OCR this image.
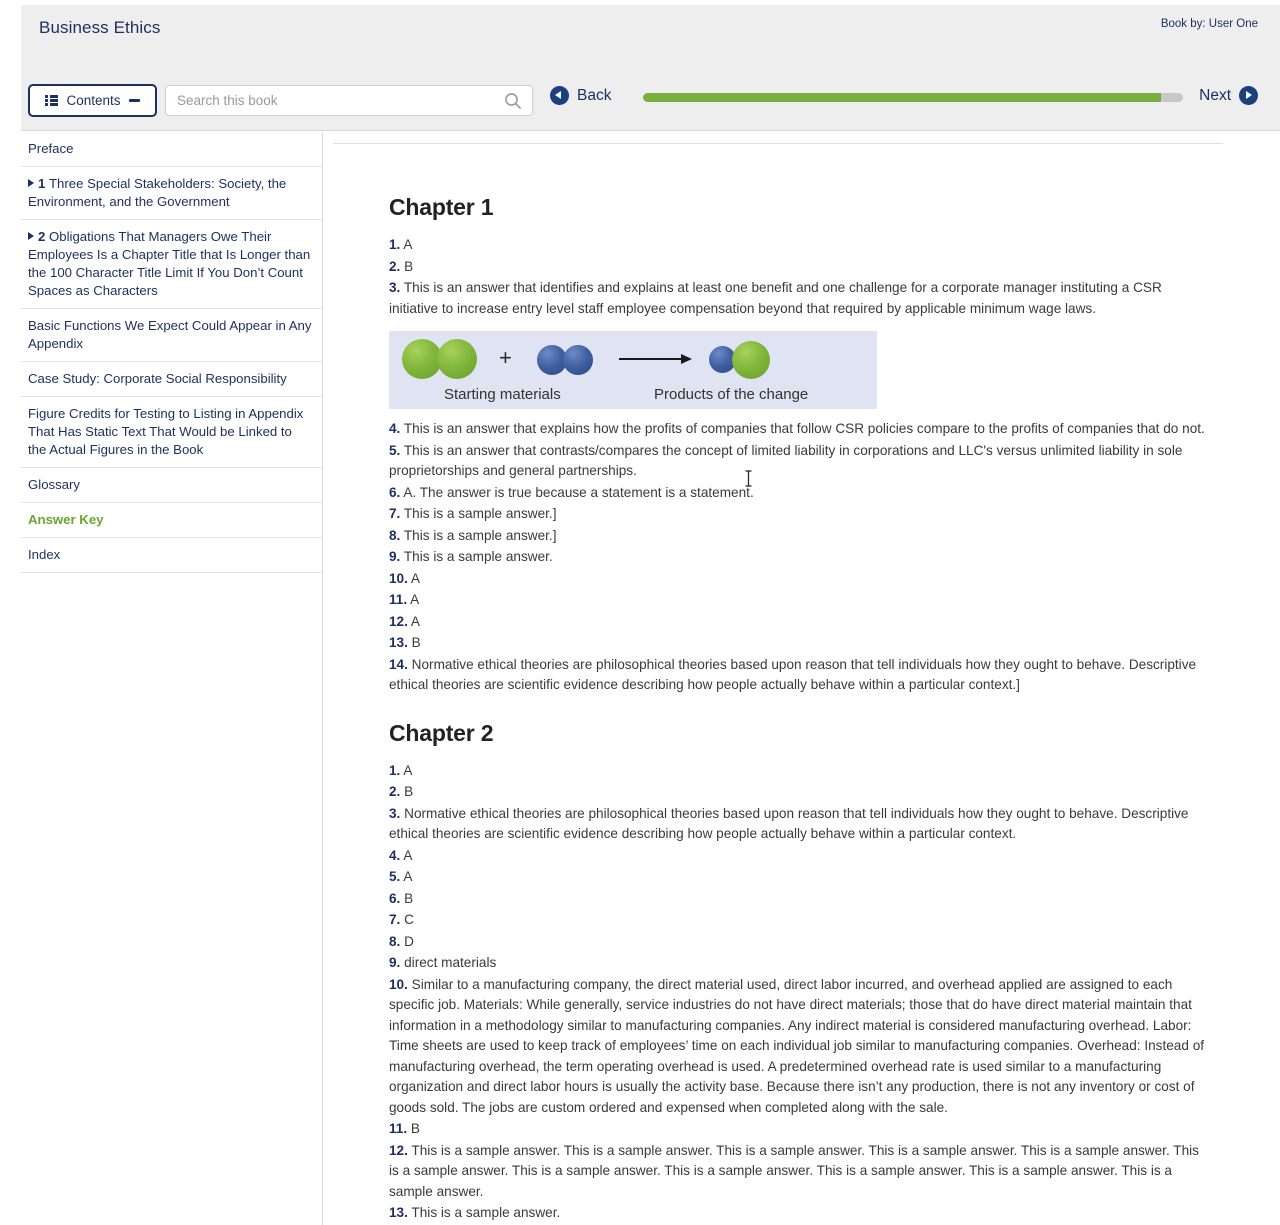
Business Ethics	Book by: User One
Contents
Search this book	Back	Next
Preface
1 Three Special Stakeholders: Society, the Environment, and the Government
2 Obligations That Managers Owe Their Employees Is a Chapter Title that Is Longer than the 100 Character Title Limit If You Don’t Count Spaces as Characters
Basic Functions We Expect Could Appear in Any Appendix
Case Study: Corporate Social Responsibility
Figure Credits for Testing to Listing in Appendix That Has Static Text That Would be Linked to the Actual Figures in the Book
Glossary
Answer Key
Index
Chapter 1

1. A

2. B

3. This is an answer that identifies and explains at least one benefit and one challenge for a corporate manager instituting a CSR initiative to increase entry level staff employee compensation beyond that required by applicable minimum wage laws.

+
Starting materials	Products of the change

4. This is an answer that explains how the profits of companies that follow CSR policies compare to the profits of companies that do not.

5. This is an answer that contrasts/compares the concept of limited liability in corporations and LLC's versus unlimited liability in sole proprietorships and general partnerships.

6. A. The answer is true because a statement is a statement.

7. This is a sample answer.]

8. This is a sample answer.]

9. This is a sample answer.

10. A

11. A

12. A

13. B

14. Normative ethical theories are philosophical theories based upon reason that tell individuals how they ought to behave. Descriptive ethical theories are scientific evidence describing how people actually behave within a particular context.]

Chapter 2

1. A

2. B

3. Normative ethical theories are philosophical theories based upon reason that tell individuals how they ought to behave. Descriptive ethical theories are scientific evidence describing how people actually behave within a particular context.

4. A

5. A

6. B

7. C

8. D

9. direct materials

10. Similar to a manufacturing company, the direct material used, direct labor incurred, and overhead applied are assigned to each specific job. Materials: While generally, service industries do not have direct materials; those that do have direct material maintain that information in a methodology similar to manufacturing companies. Any indirect material is considered manufacturing overhead. Labor: Time sheets are used to keep track of employees’ time on each individual job similar to manufacturing companies. Overhead: Instead of manufacturing overhead, the term operating overhead is used. A predetermined overhead rate is used similar to a manufacturing organization and direct labor hours is usually the activity base. Because there isn’t any production, there is not any inventory or cost of goods sold. The jobs are custom ordered and expensed when completed along with the sale.

11. B

12. This is a sample answer. This is a sample answer. This is a sample answer. This is a sample answer. This is a sample answer. This is a sample answer. This is a sample answer. This is a sample answer. This is a sample answer. This is a sample answer. This is a sample answer.

13. This is a sample answer.
